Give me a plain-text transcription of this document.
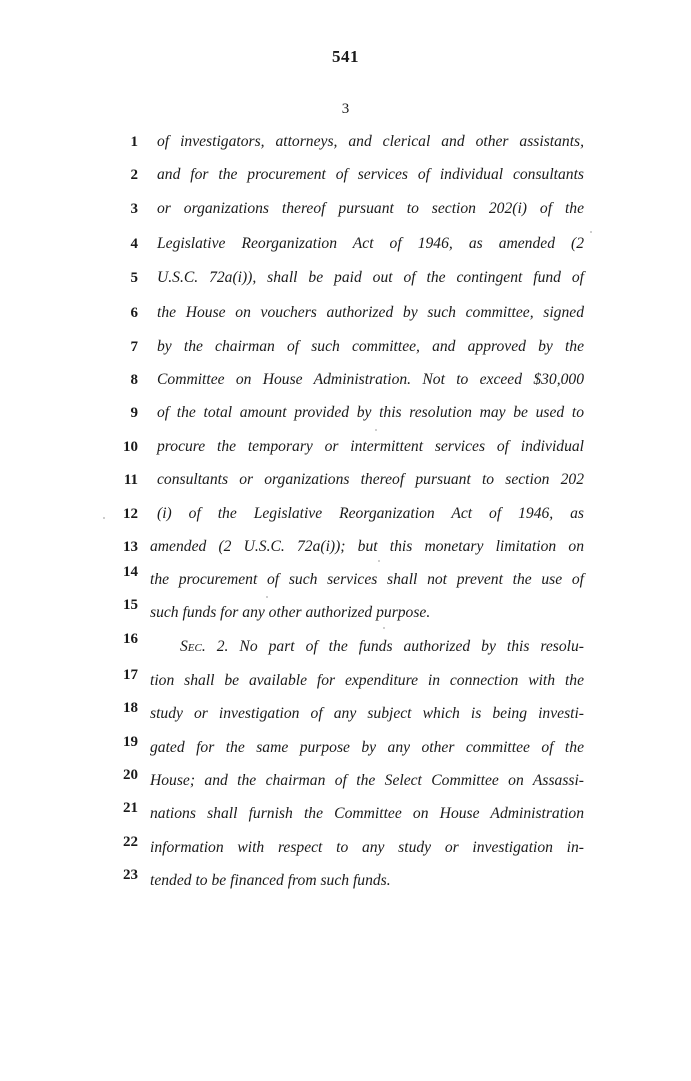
541
3
1 of investigators, attorneys, and clerical and other assistants,
2 and for the procurement of services of individual consultants
3 or organizations thereof pursuant to section 202(i) of the
4 Legislative Reorganization Act of 1946, as amended (2
5 U.S.C. 72a(i)), shall be paid out of the contingent fund of
6 the House on vouchers authorized by such committee, signed
7 by the chairman of such committee, and approved by the
8 Committee on House Administration. Not to exceed $30,000
9 of the total amount provided by this resolution may be used to
10 procure the temporary or intermittent services of individual
11 consultants or organizations thereof pursuant to section 202
12 (i) of the Legislative Reorganization Act of 1946, as
13 amended (2 U.S.C. 72a(i)); but this monetary limitation on
14 the procurement of such services shall not prevent the use of
15 such funds for any other authorized purpose.
16	Sec. 2. No part of the funds authorized by this resolu-
17 tion shall be available for expenditure in connection with the
18 study or investigation of any subject which is being investi-
19 gated for the same purpose by any other committee of the
20 House; and the chairman of the Select Committee on Assassi-
21 nations shall furnish the Committee on House Administration
22 information with respect to any study or investigation in-
23 tended to be financed from such funds.
